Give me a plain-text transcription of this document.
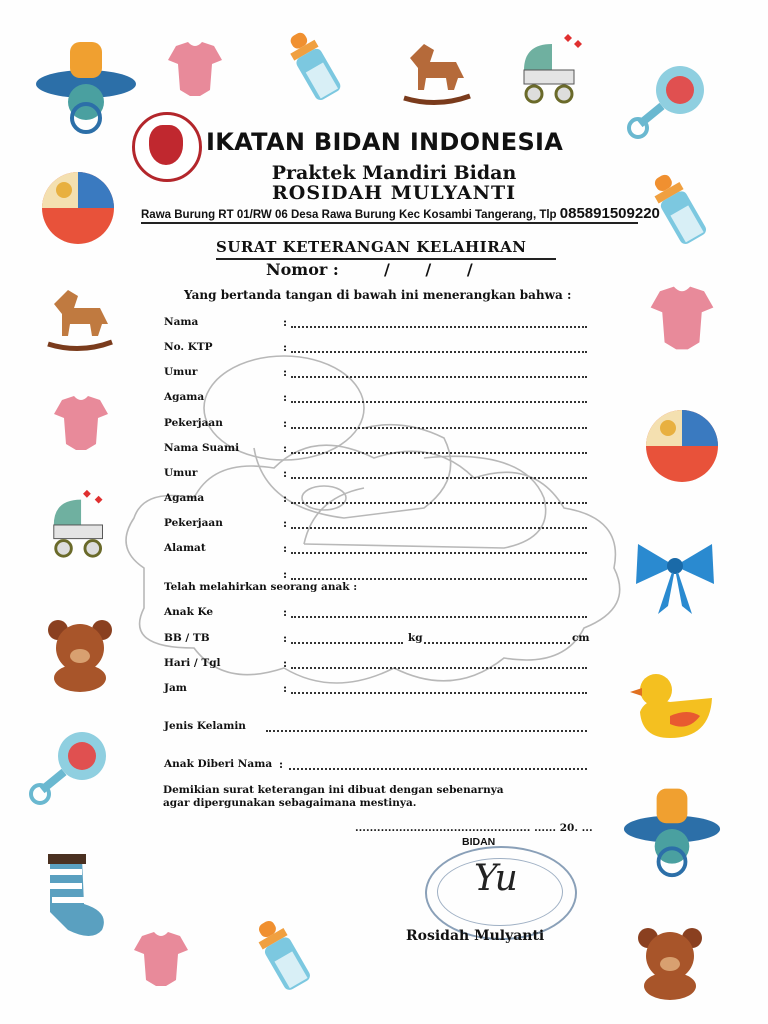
IKATAN BIDAN INDONESIA
Praktek Mandiri Bidan
ROSIDAH MULYANTI
Rawa Burung RT 01/RW 06 Desa Rawa Burung Kec Kosambi Tangerang, Tlp 085891509220
SURAT KETERANGAN KELAHIRAN
Nomor :	/ / /
Yang bertanda tangan di bawah ini menerangkan bahwa :
Nama	:
No. KTP	:
Umur	:
Agama	:
Pekerjaan	:
Nama Suami	:
Umur	:
Agama	:
Pekerjaan	:
Alamat	:
:
Telah melahirkan seorang anak :
Anak Ke	:
BB / TB	:	kg	cm
Hari / Tgl	:
Jam	:
Jenis Kelamin
Anak Diberi Nama :
Demikian surat keterangan ini dibuat dengan sebenarnya
agar dipergunakan sebagaimana mestinya.
................................................ ...... 20. ...
BIDAN
Yu
Rosidah Mulyanti
